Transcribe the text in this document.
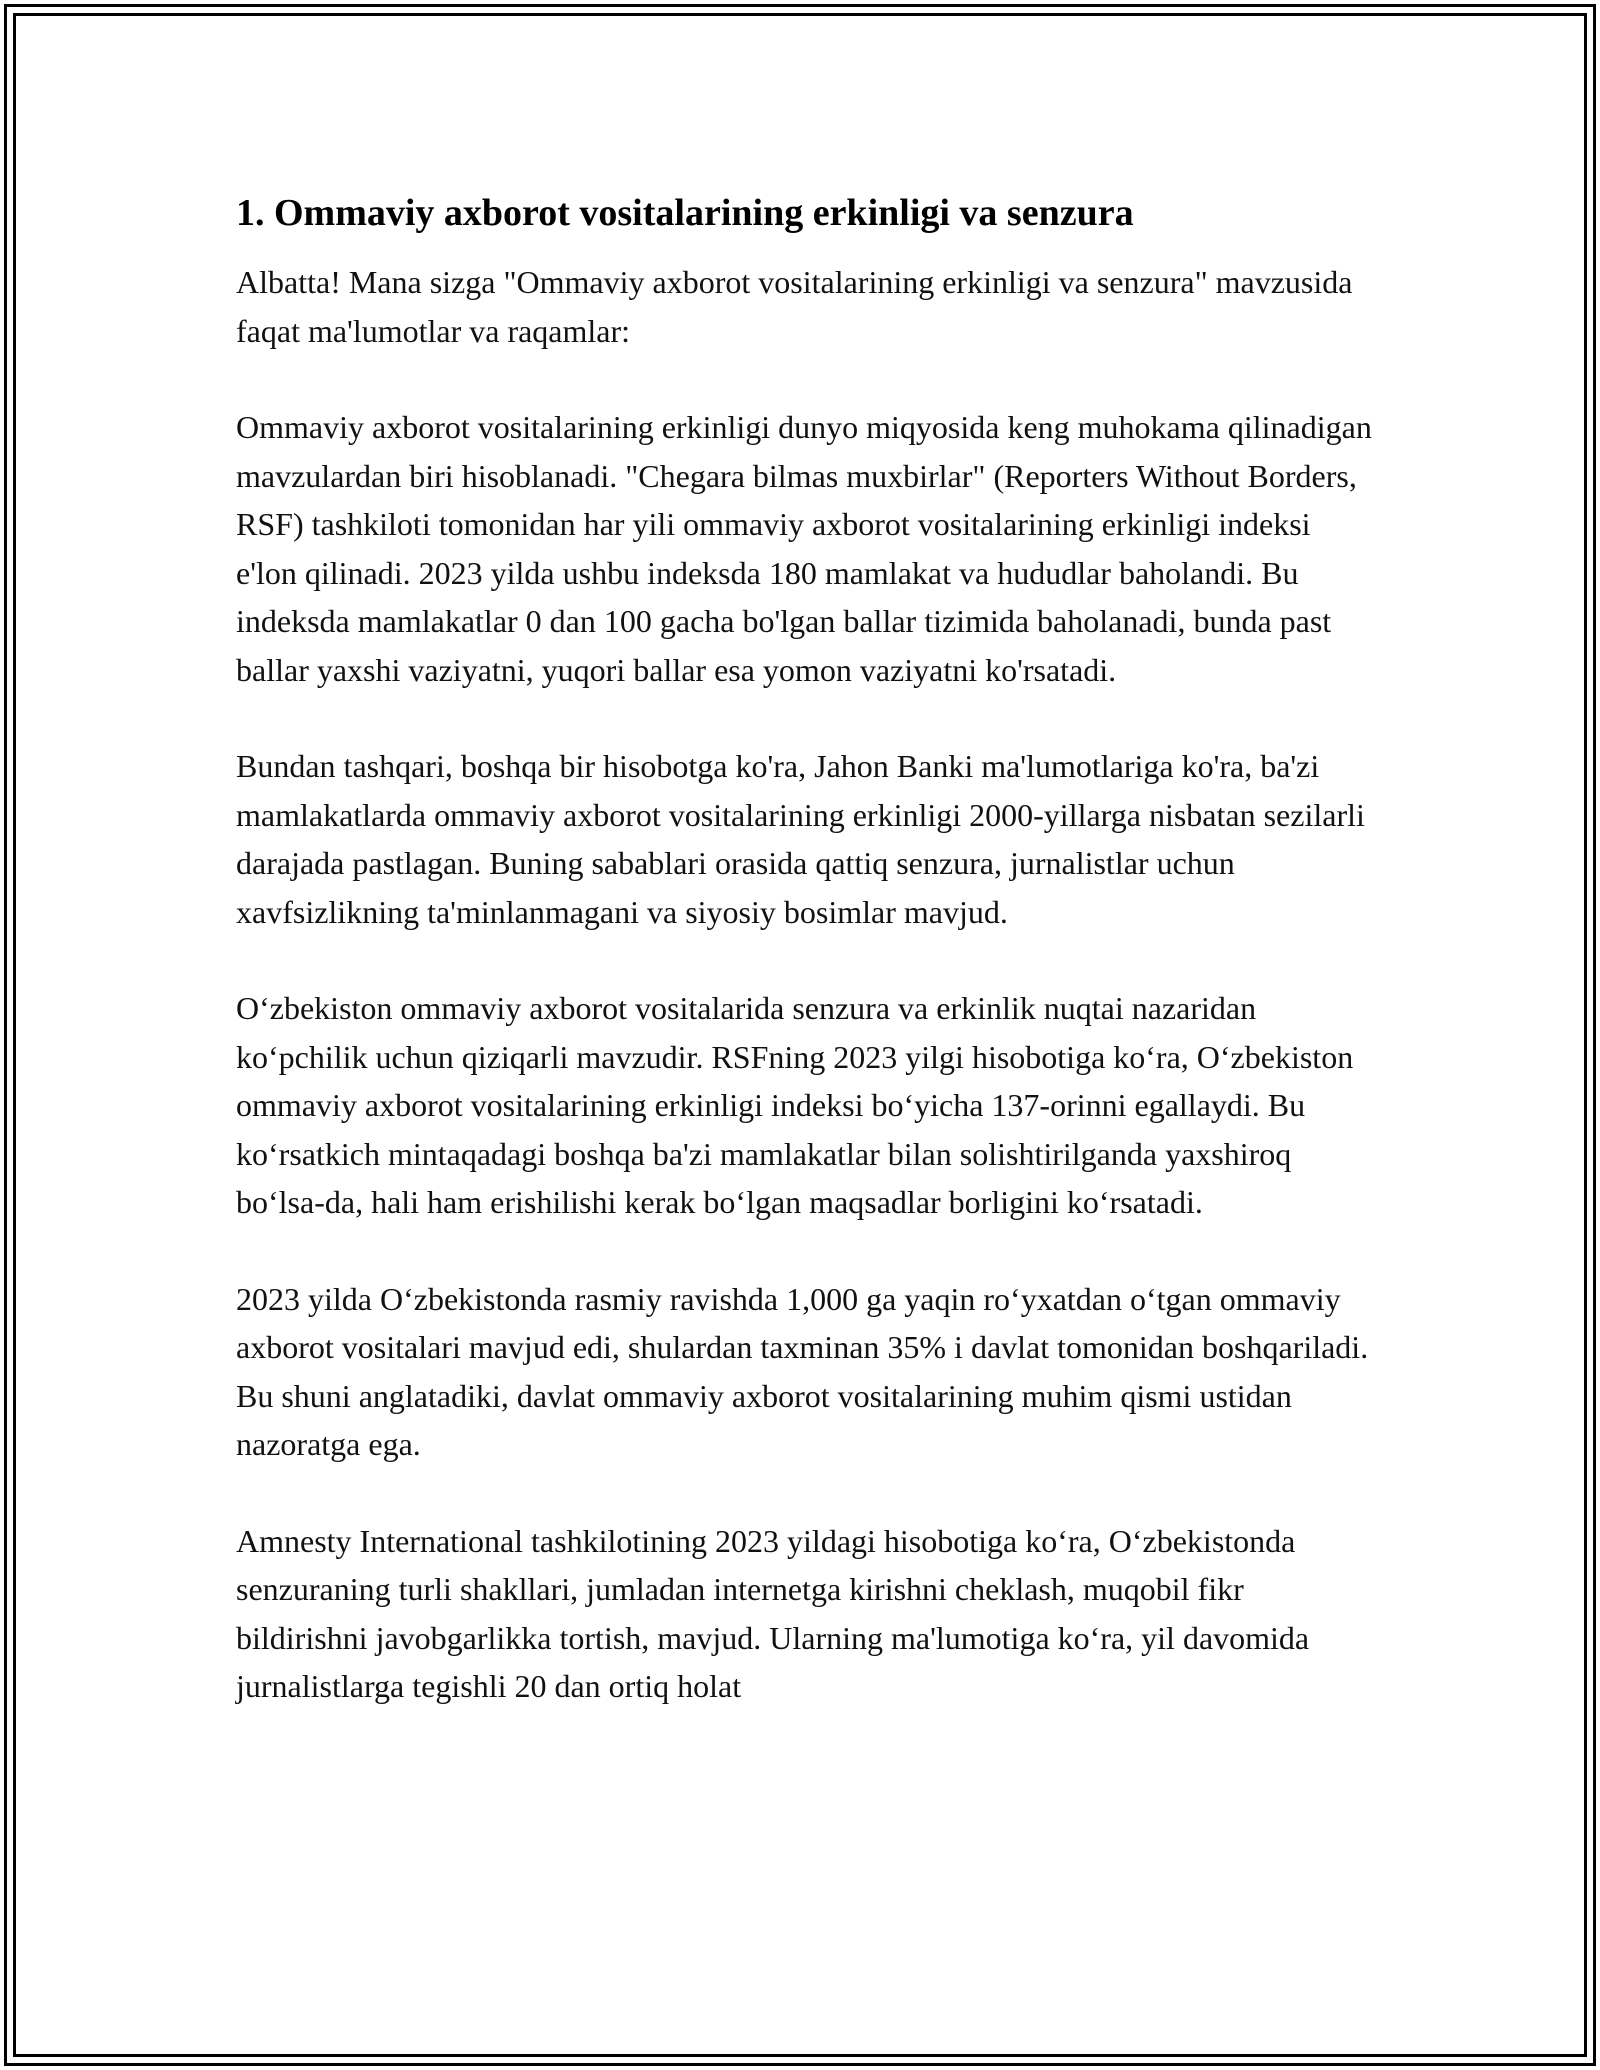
1. Ommaviy axborot vositalarining erkinligi va senzura

Albatta! Mana sizga "Ommaviy axborot vositalarining erkinligi va senzura" mavzusida faqat ma'lumotlar va raqamlar:

Ommaviy axborot vositalarining erkinligi dunyo miqyosida keng muhokama qilinadigan mavzulardan biri hisoblanadi. "Chegara bilmas muxbirlar" (Reporters Without Borders, RSF) tashkiloti tomonidan har yili ommaviy axborot vositalarining erkinligi indeksi e'lon qilinadi. 2023 yilda ushbu indeksda 180 mamlakat va hududlar baholandi. Bu indeksda mamlakatlar 0 dan 100 gacha bo'lgan ballar tizimida baholanadi, bunda past ballar yaxshi vaziyatni, yuqori ballar esa yomon vaziyatni ko'rsatadi.

Bundan tashqari, boshqa bir hisobotga ko'ra, Jahon Banki ma'lumotlariga ko'ra, ba'zi mamlakatlarda ommaviy axborot vositalarining erkinligi 2000-yillarga nisbatan sezilarli darajada pastlagan. Buning sabablari orasida qattiq senzura, jurnalistlar uchun xavfsizlikning ta'minlanmagani va siyosiy bosimlar mavjud.

O‘zbekiston ommaviy axborot vositalarida senzura va erkinlik nuqtai nazaridan ko‘pchilik uchun qiziqarli mavzudir. RSFning 2023 yilgi hisobotiga ko‘ra, O‘zbekiston ommaviy axborot vositalarining erkinligi indeksi bo‘yicha 137-orinni egallaydi. Bu ko‘rsatkich mintaqadagi boshqa ba'zi mamlakatlar bilan solishtirilganda yaxshiroq bo‘lsa-da, hali ham erishilishi kerak bo‘lgan maqsadlar borligini ko‘rsatadi.

2023 yilda O‘zbekistonda rasmiy ravishda 1,000 ga yaqin ro‘yxatdan o‘tgan ommaviy axborot vositalari mavjud edi, shulardan taxminan 35% i davlat tomonidan boshqariladi. Bu shuni anglatadiki, davlat ommaviy axborot vositalarining muhim qismi ustidan nazoratga ega.

Amnesty International tashkilotining 2023 yildagi hisobotiga ko‘ra, O‘zbekistonda senzuraning turli shakllari, jumladan internetga kirishni cheklash, muqobil fikr bildirishni javobgarlikka tortish, mavjud. Ularning ma'lumotiga ko‘ra, yil davomida jurnalistlarga tegishli 20 dan ortiq holat
